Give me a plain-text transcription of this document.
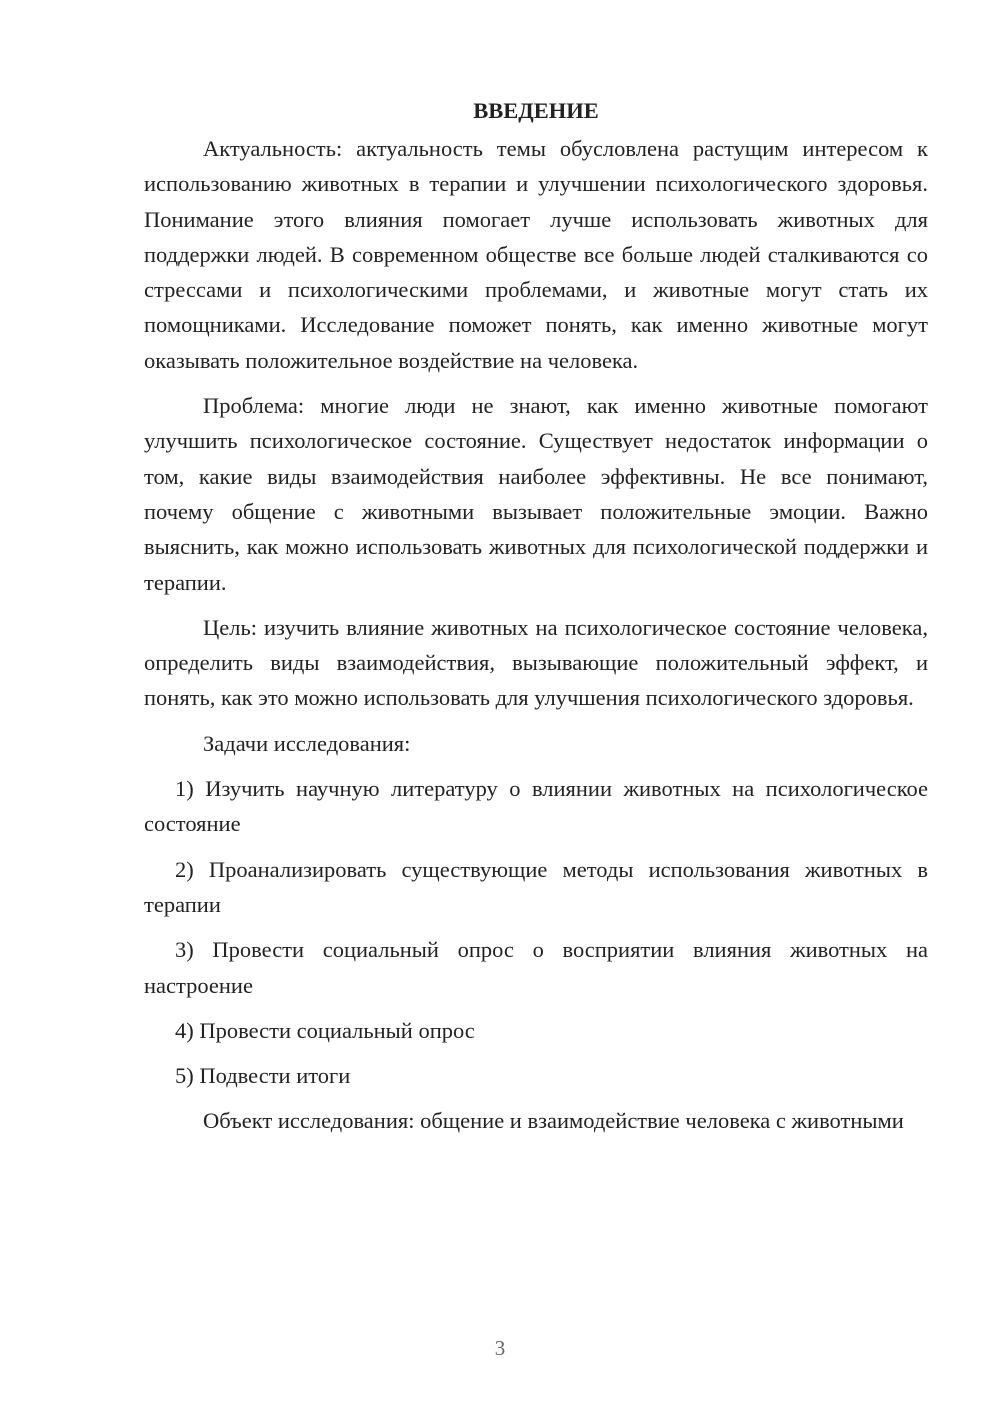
ВВЕДЕНИЕ

Актуальность: актуальность темы обусловлена растущим интересом к использованию животных в терапии и улучшении психологического здоровья. Понимание этого влияния помогает лучше использовать животных для поддержки людей. В современном обществе все больше людей сталкиваются со стрессами и психологическими проблемами, и животные могут стать их помощниками. Исследование поможет понять, как именно животные могут оказывать положительное воздействие на человека.

Проблема: многие люди не знают, как именно животные помогают улучшить психологическое состояние. Существует недостаток информации о том, какие виды взаимодействия наиболее эффективны. Не все понимают, почему общение с животными вызывает положительные эмоции. Важно выяснить, как можно использовать животных для психологической поддержки и терапии.

Цель: изучить влияние животных на психологическое состояние человека, определить виды взаимодействия, вызывающие положительный эффект, и понять, как это можно использовать для улучшения психологического здоровья.

Задачи исследования:

1) Изучить научную литературу о влиянии животных на психологическое состояние

2) Проанализировать существующие методы использования животных в терапии

3) Провести социальный опрос о восприятии влияния животных на настроение

4) Провести социальный опрос

5) Подвести итоги

Объект исследования: общение и взаимодействие человека с животными

3
